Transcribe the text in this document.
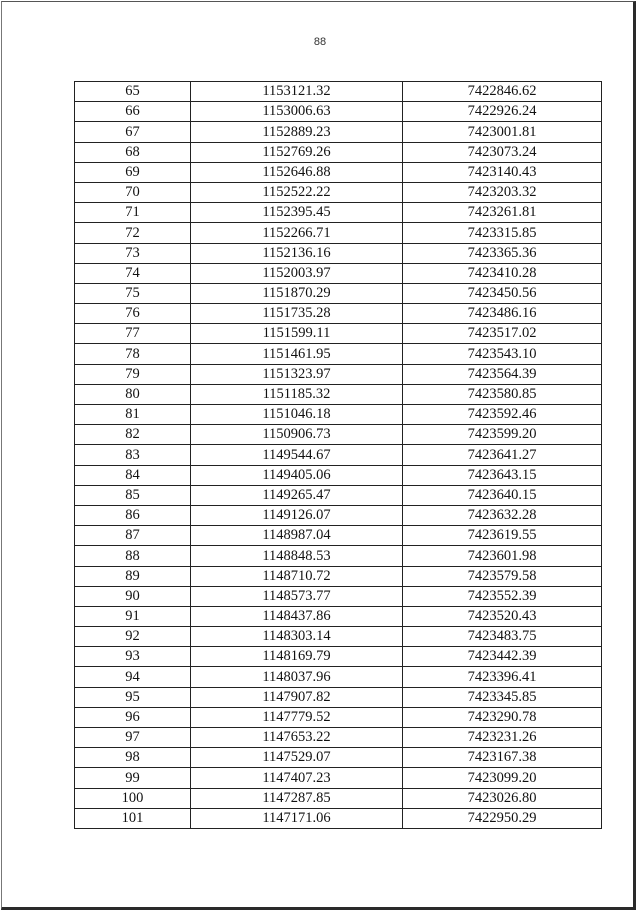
88
65	1153121.32	7422846.62
66	1153006.63	7422926.24
67	1152889.23	7423001.81
68	1152769.26	7423073.24
69	1152646.88	7423140.43
70	1152522.22	7423203.32
71	1152395.45	7423261.81
72	1152266.71	7423315.85
73	1152136.16	7423365.36
74	1152003.97	7423410.28
75	1151870.29	7423450.56
76	1151735.28	7423486.16
77	1151599.11	7423517.02
78	1151461.95	7423543.10
79	1151323.97	7423564.39
80	1151185.32	7423580.85
81	1151046.18	7423592.46
82	1150906.73	7423599.20
83	1149544.67	7423641.27
84	1149405.06	7423643.15
85	1149265.47	7423640.15
86	1149126.07	7423632.28
87	1148987.04	7423619.55
88	1148848.53	7423601.98
89	1148710.72	7423579.58
90	1148573.77	7423552.39
91	1148437.86	7423520.43
92	1148303.14	7423483.75
93	1148169.79	7423442.39
94	1148037.96	7423396.41
95	1147907.82	7423345.85
96	1147779.52	7423290.78
97	1147653.22	7423231.26
98	1147529.07	7423167.38
99	1147407.23	7423099.20
100	1147287.85	7423026.80
101	1147171.06	7422950.29
